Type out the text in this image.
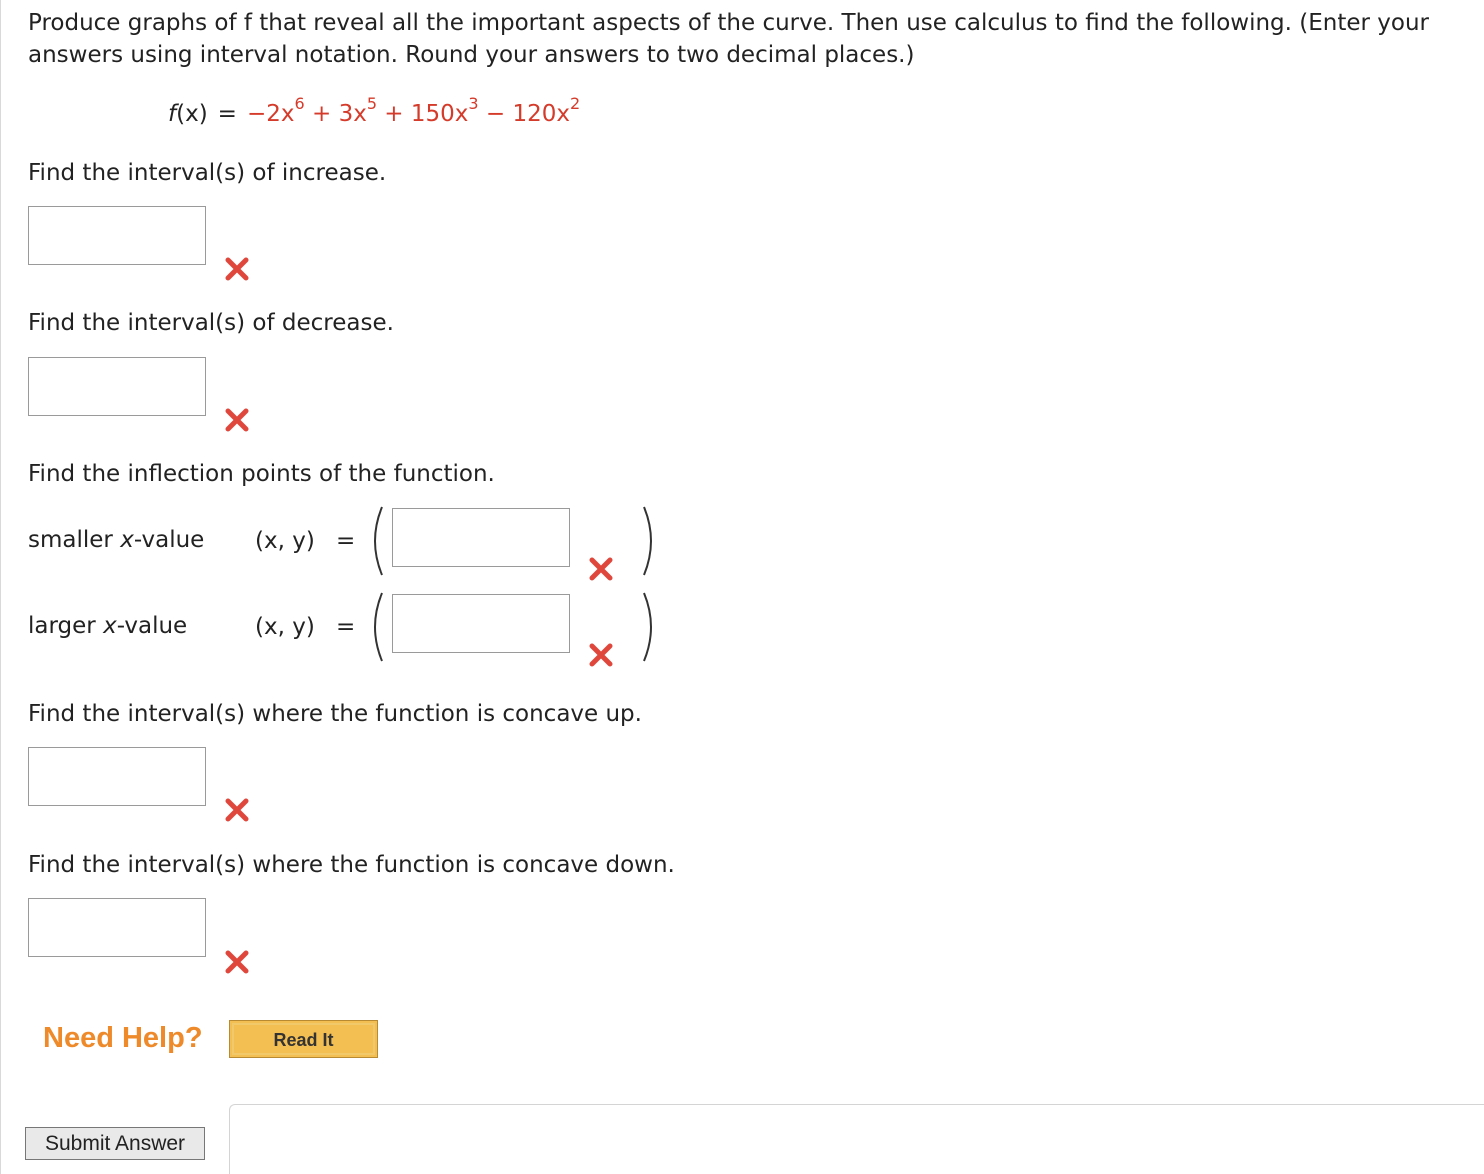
Produce graphs of f that reveal all the important aspects of the curve. Then use calculus to find the following. (Enter your answers using interval notation. Round your answers to two decimal places.)
$f(x) = -2x^6 + 3x^5 + 150x^3 - 120x^2$
Find the interval(s) of increase.
Find the interval(s) of decrease.
Find the inflection points of the function.
smaller x-value (x, y) =
larger x-value	(x, y) =
Find the interval(s) where the function is concave up.
Find the interval(s) where the function is concave down.
Need Help?	Read It
Submit Answer
